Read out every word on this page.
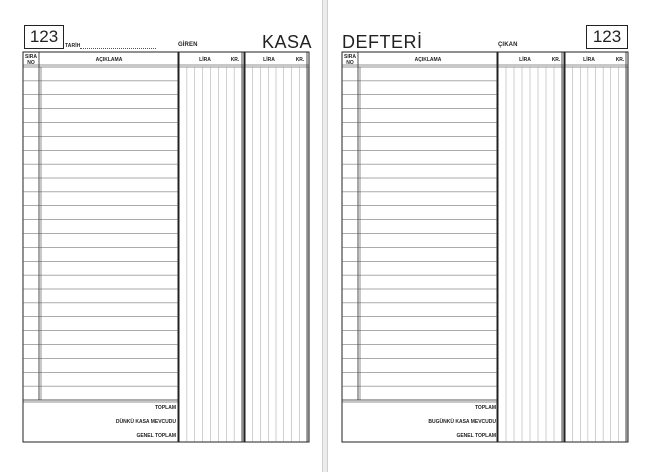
123	TARİH	GİREN	KASA
SIRA
NO	AÇIKLAMA	LİRA	KR.	LİRA	KR.
TOPLAM
DÜNKÜ KASA MEVCUDU
GENEL TOPLAM
DEFTERİ	ÇIKAN	123
SIRA
NO	AÇIKLAMA	LİRA	KR.	LİRA	KR.
TOPLAM
BUGÜNKÜ KASA MEVCUDU
GENEL TOPLAM
